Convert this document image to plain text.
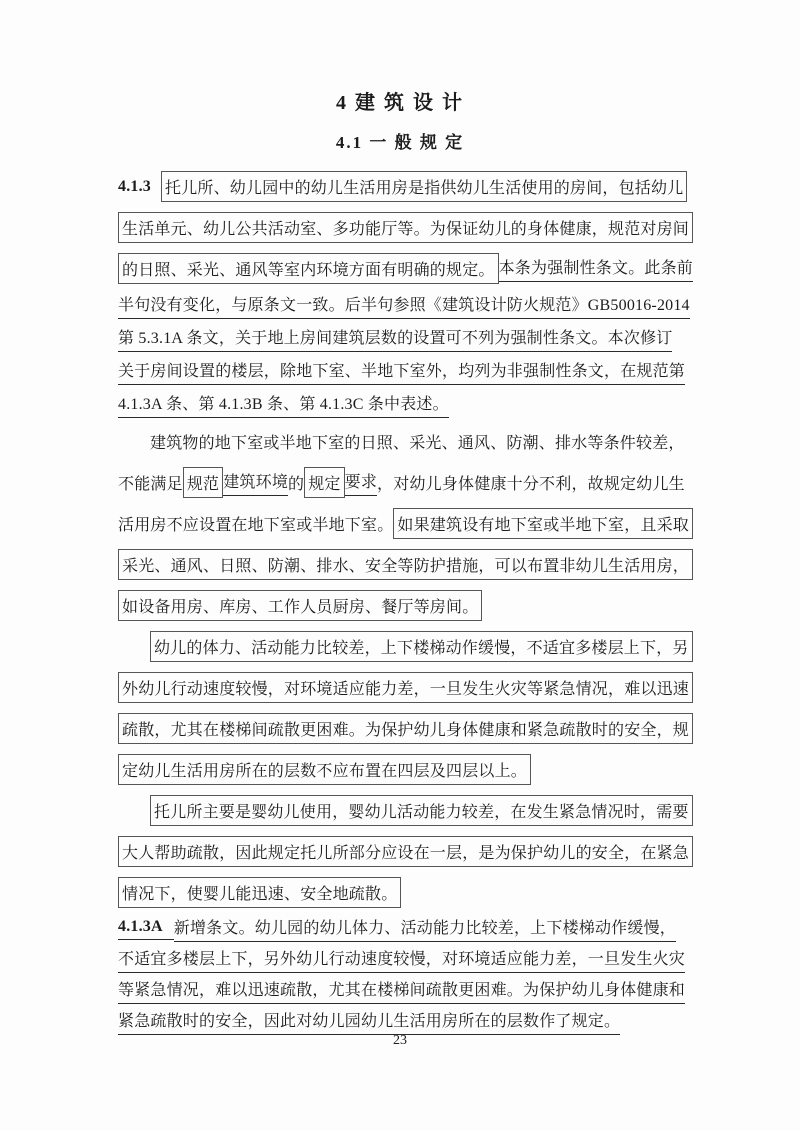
4 建 筑 设 计
4.1 一 般 规 定
4.1.3 托儿所、幼儿园中的幼儿生活用房是指供幼儿生活使用的房间，包括幼儿
生活单元、幼儿公共活动室、多功能厅等。为保证幼儿的身体健康，规范对房间
的日照、采光、通风等室内环境方面有明确的规定。 本条为强制性条文。此条前
半句没有变化，与原条文一致。后半句参照《建筑设计防火规范》GB50016-2014
第 5.3.1A 条文，关于地上房间建筑层数的设置可不列为强制性条文。本次修订
关于房间设置的楼层，除地下室、半地下室外，均列为非强制性条文，在规范第
4.1.3A 条、第 4.1.3B 条、第 4.1.3C 条中表述。
建筑物的地下室或半地下室的日照、采光、通风、防潮、排水等条件较差，
不能满足 规范 建筑环境 的 规定 要求 ，对幼儿身体健康十分不利，故规定幼儿生
活用房不应设置在地下室或半地下室。 如果建筑设有地下室或半地下室，且采取
采光、通风、日照、防潮、排水、安全等防护措施，可以布置非幼儿生活用房，
如设备用房、库房、工作人员厨房、餐厅等房间。
幼儿的体力、活动能力比较差，上下楼梯动作缓慢，不适宜多楼层上下，另
外幼儿行动速度较慢，对环境适应能力差，一旦发生火灾等紧急情况，难以迅速
疏散，尤其在楼梯间疏散更困难。为保护幼儿身体健康和紧急疏散时的安全，规
定幼儿生活用房所在的层数不应布置在四层及四层以上。
托儿所主要是婴幼儿使用，婴幼儿活动能力较差，在发生紧急情况时，需要
大人帮助疏散，因此规定托儿所部分应设在一层，是为保护幼儿的安全，在紧急
情况下，使婴儿能迅速、安全地疏散。
4.1.3A 新增条文。幼儿园的幼儿体力、活动能力比较差，上下楼梯动作缓慢，
不适宜多楼层上下，另外幼儿行动速度较慢，对环境适应能力差，一旦发生火灾
等紧急情况，难以迅速疏散，尤其在楼梯间疏散更困难。为保护幼儿身体健康和
紧急疏散时的安全，因此对幼儿园幼儿生活用房所在的层数作了规定。
23
